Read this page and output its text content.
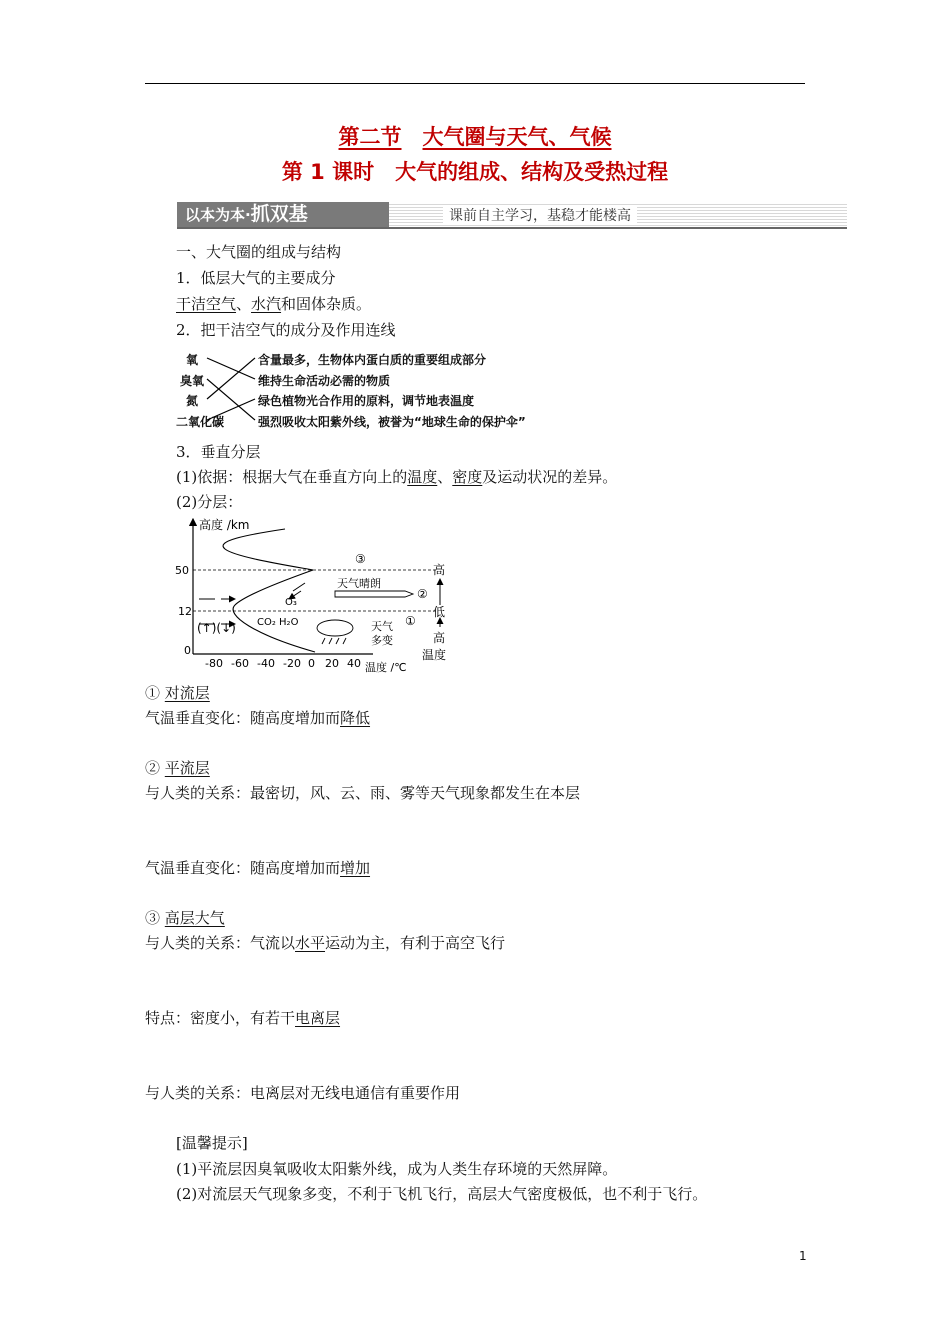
第二节　 大气圈与天气、气候
第 1 课时　大气的组成、结构及受热过程
以本为本·抓双基	课前自主学习，基稳才能楼高
一、大气圈的组成与结构
1．低层大气的主要成分
干洁空气、水汽和固体杂质。
2．把干洁空气的成分及作用连线
氧
臭氧
氮
二氧化碳
含量最多，生物体内蛋白质的重要组成部分
维持生命活动必需的物质
绿色植物光合作用的原料，调节地表温度
强烈吸收太阳紫外线，被誉为“地球生命的保护伞”
3．垂直分层
(1)依据：根据大气在垂直方向上的温度、密度及运动状况的差异。
(2)分层：
高度 /km
50
12
0
③
天气晴朗
②
O₃
CO₂ H₂O	天气
多变
①
(↑)(↓)
-80 -60 -40 -20 0 20 40 温度 /℃
高
低
高
温度
① 对流层
气温垂直变化：随高度增加而降低
② 平流层
与人类的关系：最密切，风、云、雨、雾等天气现象都发生在本层
气温垂直变化：随高度增加而增加
③ 高层大气
与人类的关系：气流以水平运动为主，有利于高空飞行
特点：密度小，有若干电离层
与人类的关系：电离层对无线电通信有重要作用
[温馨提示]
(1)平流层因臭氧吸收太阳紫外线，成为人类生存环境的天然屏障。
(2)对流层天气现象多变，不利于飞机飞行，高层大气密度极低，也不利于飞行。
1
